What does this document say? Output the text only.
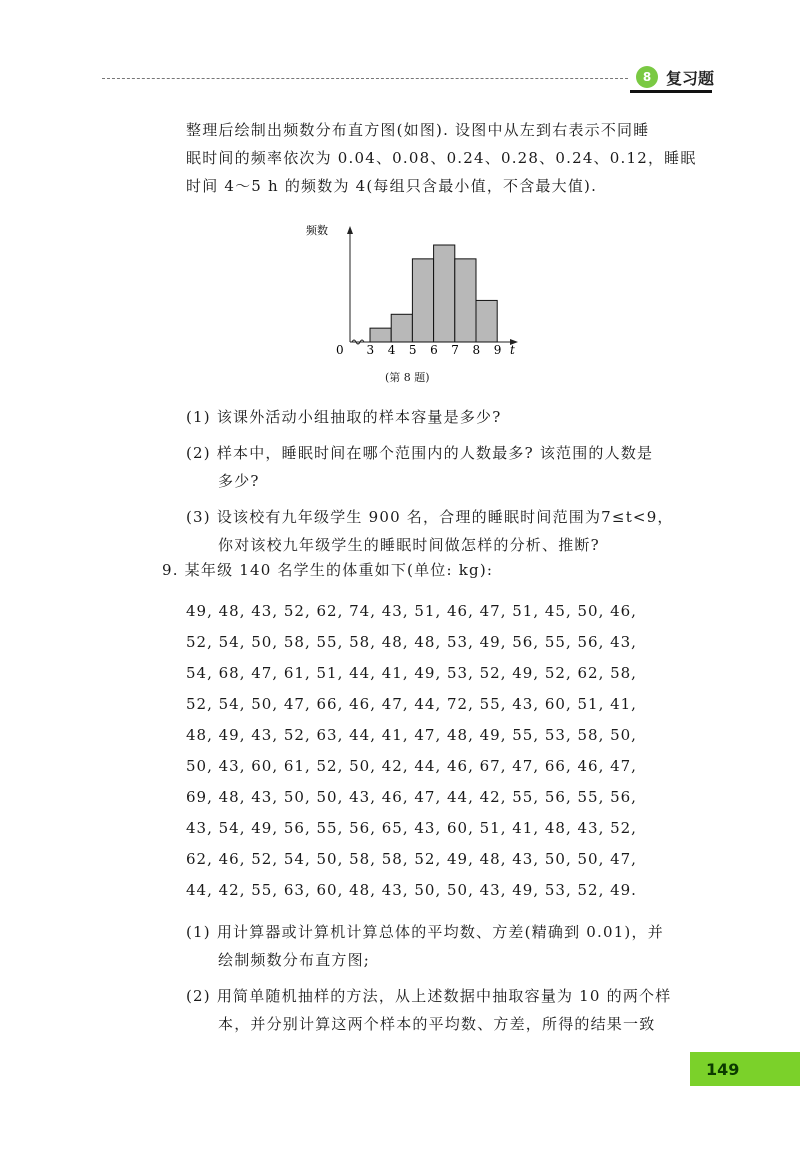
8 复习题
整理后绘制出频数分布直方图(如图). 设图中从左到右表示不同睡
眠时间的频率依次为 0.04、0.08、0.24、0.28、0.24、0.12，睡眠
时间 4～5 h 的频数为 4(每组只含最小值，不含最大值).
频数
0	t
3 4 5 6 7 8 9
(第 8 题)
(1) 该课外活动小组抽取的样本容量是多少?
(2) 样本中，睡眠时间在哪个范围内的人数最多? 该范围的人数是
多少?
(3) 设该校有九年级学生 900 名，合理的睡眠时间范围为7≤t<9，
你对该校九年级学生的睡眠时间做怎样的分析、推断?
9. 某年级 140 名学生的体重如下(单位: kg):
49, 48, 43, 52, 62, 74, 43, 51, 46, 47, 51, 45, 50, 46,
52, 54, 50, 58, 55, 58, 48, 48, 53, 49, 56, 55, 56, 43,
54, 68, 47, 61, 51, 44, 41, 49, 53, 52, 49, 52, 62, 58,
52, 54, 50, 47, 66, 46, 47, 44, 72, 55, 43, 60, 51, 41,
48, 49, 43, 52, 63, 44, 41, 47, 48, 49, 55, 53, 58, 50,
50, 43, 60, 61, 52, 50, 42, 44, 46, 67, 47, 66, 46, 47,
69, 48, 43, 50, 50, 43, 46, 47, 44, 42, 55, 56, 55, 56,
43, 54, 49, 56, 55, 56, 65, 43, 60, 51, 41, 48, 43, 52,
62, 46, 52, 54, 50, 58, 58, 52, 49, 48, 43, 50, 50, 47,
44, 42, 55, 63, 60, 48, 43, 50, 50, 43, 49, 53, 52, 49.
(1) 用计算器或计算机计算总体的平均数、方差(精确到 0.01)，并
绘制频数分布直方图;
(2) 用简单随机抽样的方法，从上述数据中抽取容量为 10 的两个样
本，并分别计算这两个样本的平均数、方差，所得的结果一致
149
